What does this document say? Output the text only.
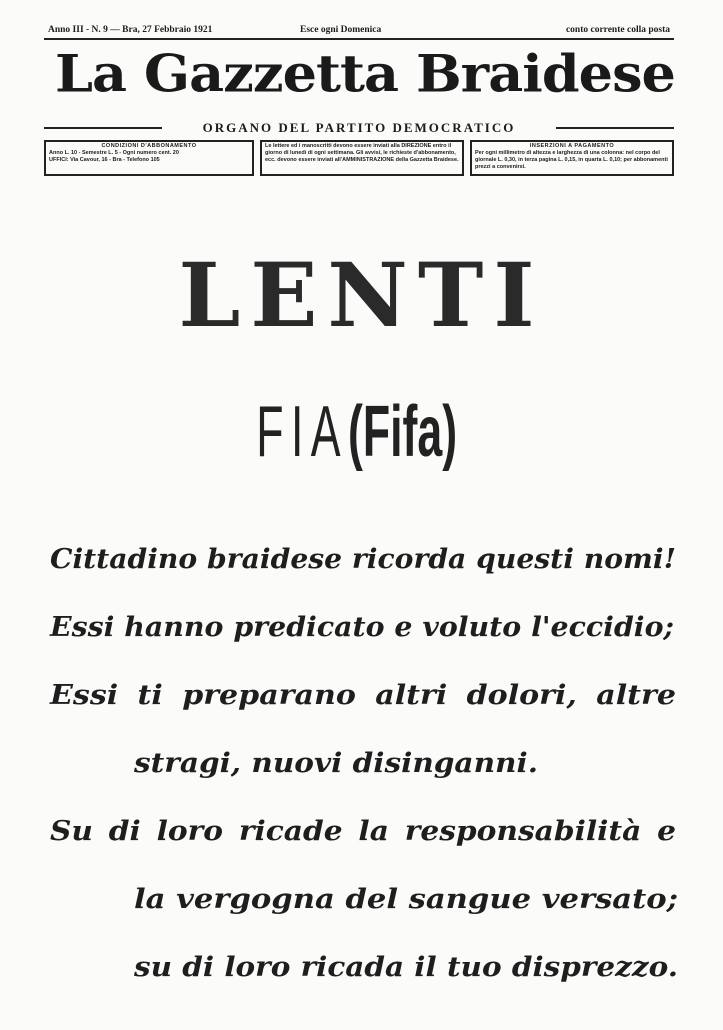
Anno III - N. 9 — Bra, 27 Febbraio 1921	Esce ogni Domenica	conto corrente colla posta
La Gazzetta Braidese
ORGANO DEL PARTITO DEMOCRATICO
CONDIZIONI D'ABBONAMENTO
Anno L. 10 - Semestre L. 5 - Ogni numero cent. 20
UFFICI: Via Cavour, 16 - Bra - Telefono 105
Le lettere ed i manoscritti devono essere inviati alla DIREZIONE entro il giorno di lunedì di ogni settimana. Gli avvisi, le richieste d'abbonamento, ecc. devono essere inviati all'AMMINISTRAZIONE della Gazzetta Braidese.
INSERZIONI A PAGAMENTO
Per ogni millimetro di altezza e larghezza di una colonna: nel corpo del giornale L. 0,30, in terza pagina L. 0,15, in quarta L. 0,10; per abbonamenti prezzi a convenirsi.
LENTI
FIA(Fifa)
Cittadino braidese ricorda questi nomi!
Essi hanno predicato e voluto l'eccidio;
Essi ti preparano altri dolori, altre
stragi, nuovi disinganni.
Su di loro ricade la responsabilità e
la vergogna del sangue versato;
su di loro ricada il tuo disprezzo.
